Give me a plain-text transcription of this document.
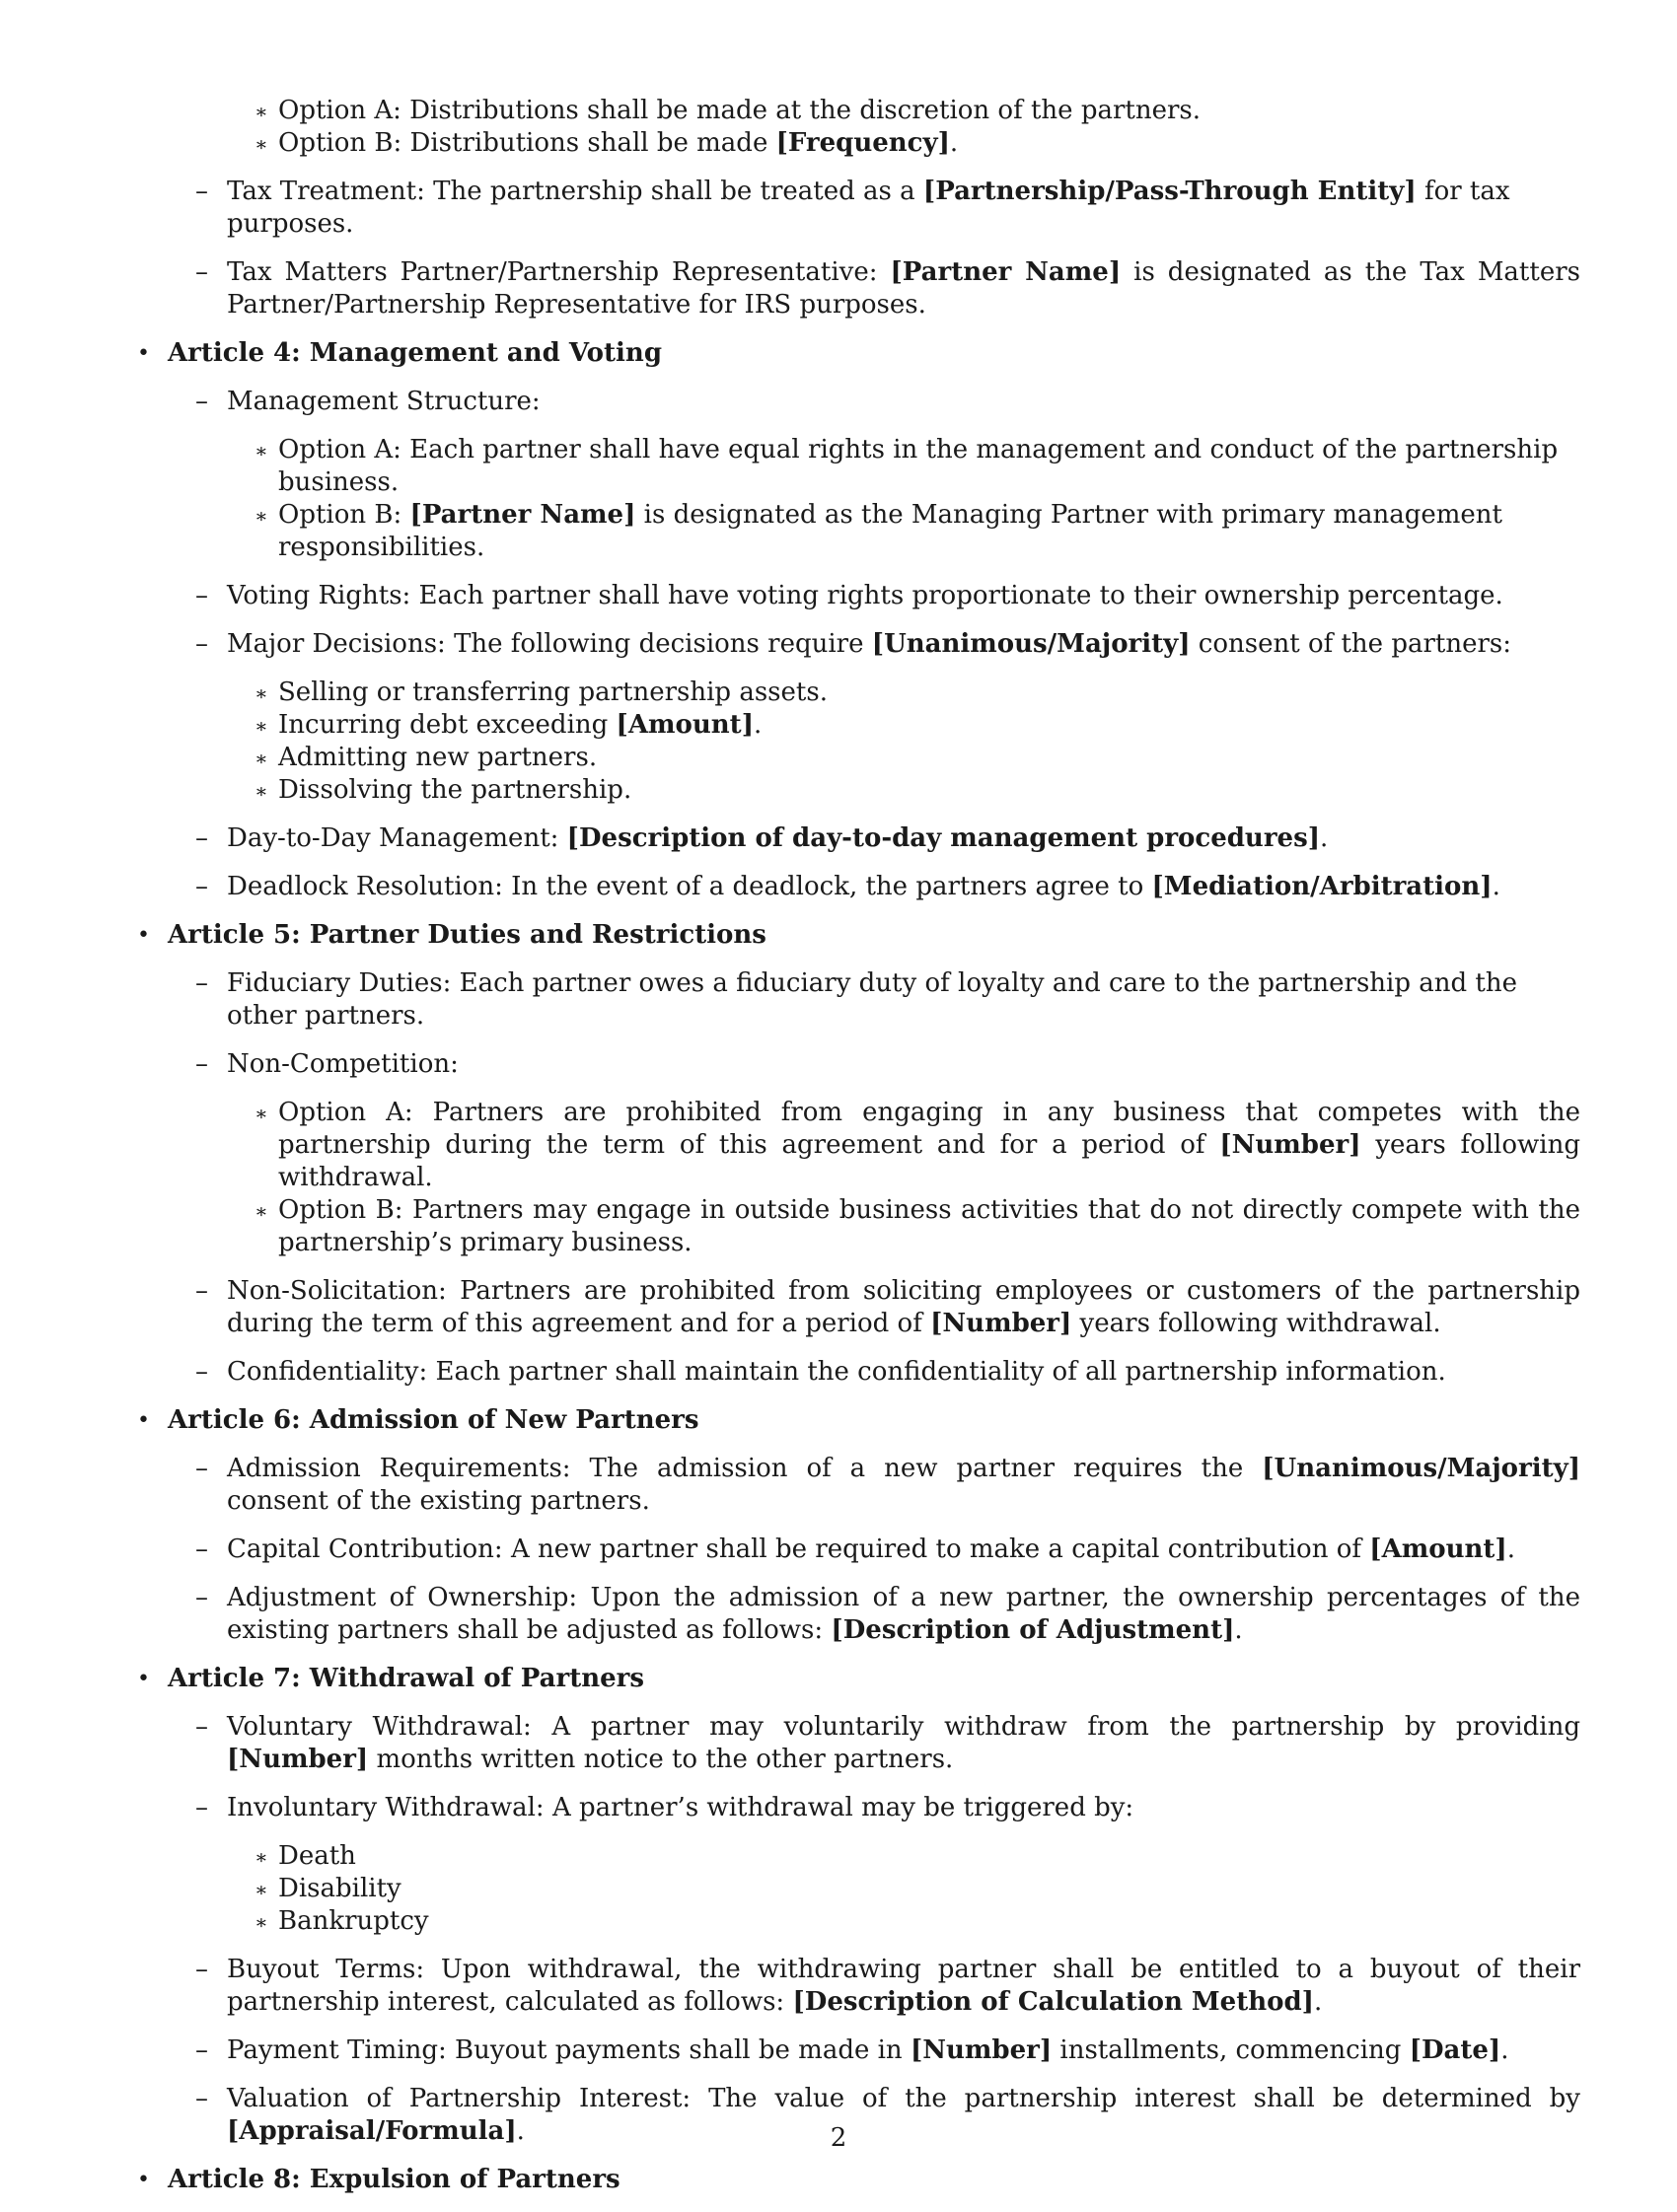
∗ Option A: Distributions shall be made at the discretion of the partners.
∗ Option B: Distributions shall be made [Frequency].
– Tax Treatment: The partnership shall be treated as a [Partnership/Pass-Through Entity] for tax purposes.
– Tax Matters Partner/Partnership Representative: [Partner Name] is designated as the Tax Matters Partner/Partnership Representative for IRS purposes.
• Article 4: Management and Voting
– Management Structure:
∗ Option A: Each partner shall have equal rights in the management and conduct of the partnership business.
∗ Option B: [Partner Name] is designated as the Managing Partner with primary management responsibilities.
– Voting Rights: Each partner shall have voting rights proportionate to their ownership percentage.
– Major Decisions: The following decisions require [Unanimous/Majority] consent of the partners:
∗ Selling or transferring partnership assets.
∗ Incurring debt exceeding [Amount].
∗ Admitting new partners.
∗ Dissolving the partnership.
– Day-to-Day Management: [Description of day-to-day management procedures].
– Deadlock Resolution: In the event of a deadlock, the partners agree to [Mediation/Arbitration].
• Article 5: Partner Duties and Restrictions
– Fiduciary Duties: Each partner owes a fiduciary duty of loyalty and care to the partnership and the other partners.
– Non-Competition:
∗ Option A: Partners are prohibited from engaging in any business that competes with the partnership during the term of this agreement and for a period of [Number] years following withdrawal.
∗ Option B: Partners may engage in outside business activities that do not directly compete with the partnership’s primary business.
– Non-Solicitation: Partners are prohibited from soliciting employees or customers of the partnership during the term of this agreement and for a period of [Number] years following withdrawal.
– Confidentiality: Each partner shall maintain the confidentiality of all partnership information.
• Article 6: Admission of New Partners
– Admission Requirements: The admission of a new partner requires the [Unanimous/Majority] consent of the existing partners.
– Capital Contribution: A new partner shall be required to make a capital contribution of [Amount].
– Adjustment of Ownership: Upon the admission of a new partner, the ownership percentages of the existing partners shall be adjusted as follows: [Description of Adjustment].
• Article 7: Withdrawal of Partners
– Voluntary Withdrawal: A partner may voluntarily withdraw from the partnership by providing [Number] months written notice to the other partners.
– Involuntary Withdrawal: A partner’s withdrawal may be triggered by:
∗ Death
∗ Disability
∗ Bankruptcy
– Buyout Terms: Upon withdrawal, the withdrawing partner shall be entitled to a buyout of their partnership interest, calculated as follows: [Description of Calculation Method].
– Payment Timing: Buyout payments shall be made in [Number] installments, commencing [Date].
– Valuation of Partnership Interest: The value of the partnership interest shall be determined by [Appraisal/Formula].
• Article 8: Expulsion of Partners
2
